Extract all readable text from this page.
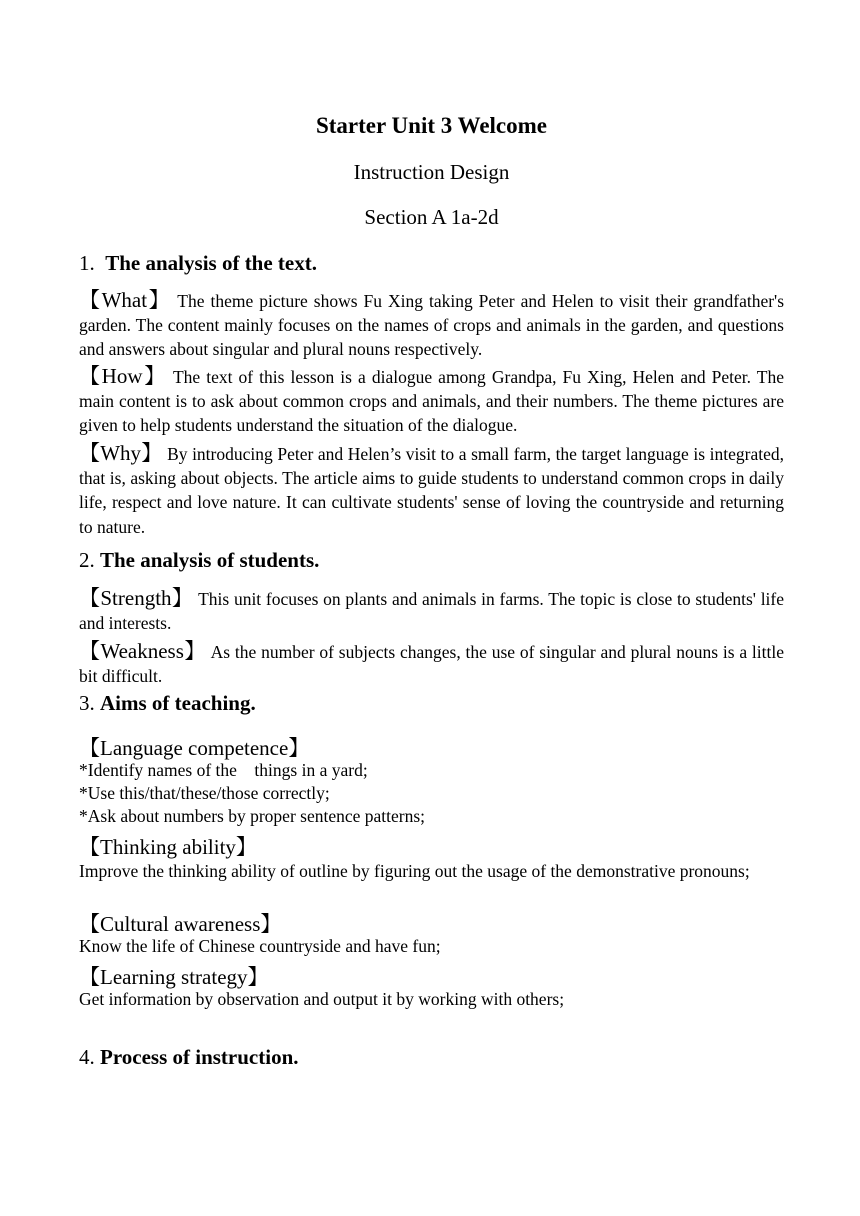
Starter Unit 3 Welcome
Instruction Design
Section A 1a-2d
1. The analysis of the text.
【What】 The theme picture shows Fu Xing taking Peter and Helen to visit their grandfather's garden. The content mainly focuses on the names of crops and animals in the garden, and questions and answers about singular and plural nouns respectively.
【How】 The text of this lesson is a dialogue among Grandpa, Fu Xing, Helen and Peter. The main content is to ask about common crops and animals, and their numbers. The theme pictures are given to help students understand the situation of the dialogue.
【Why】 By introducing Peter and Helen’s visit to a small farm, the target language is integrated, that is, asking about objects. The article aims to guide students to understand common crops in daily life, respect and love nature. It can cultivate students' sense of loving the countryside and returning to nature.
2. The analysis of students.
【Strength】 This unit focuses on plants and animals in farms. The topic is close to students' life and interests.
【Weakness】 As the number of subjects changes, the use of singular and plural nouns is a little bit difficult.
3. Aims of teaching.
【Language competence】
*Identify names of the    things in a yard;
*Use this/that/these/those correctly;
*Ask about numbers by proper sentence patterns;
【Thinking ability】
Improve the thinking ability of outline by figuring out the usage of the demonstrative pronouns;
【Cultural awareness】
Know the life of Chinese countryside and have fun;
【Learning strategy】
Get information by observation and output it by working with others;
4. Process of instruction.
